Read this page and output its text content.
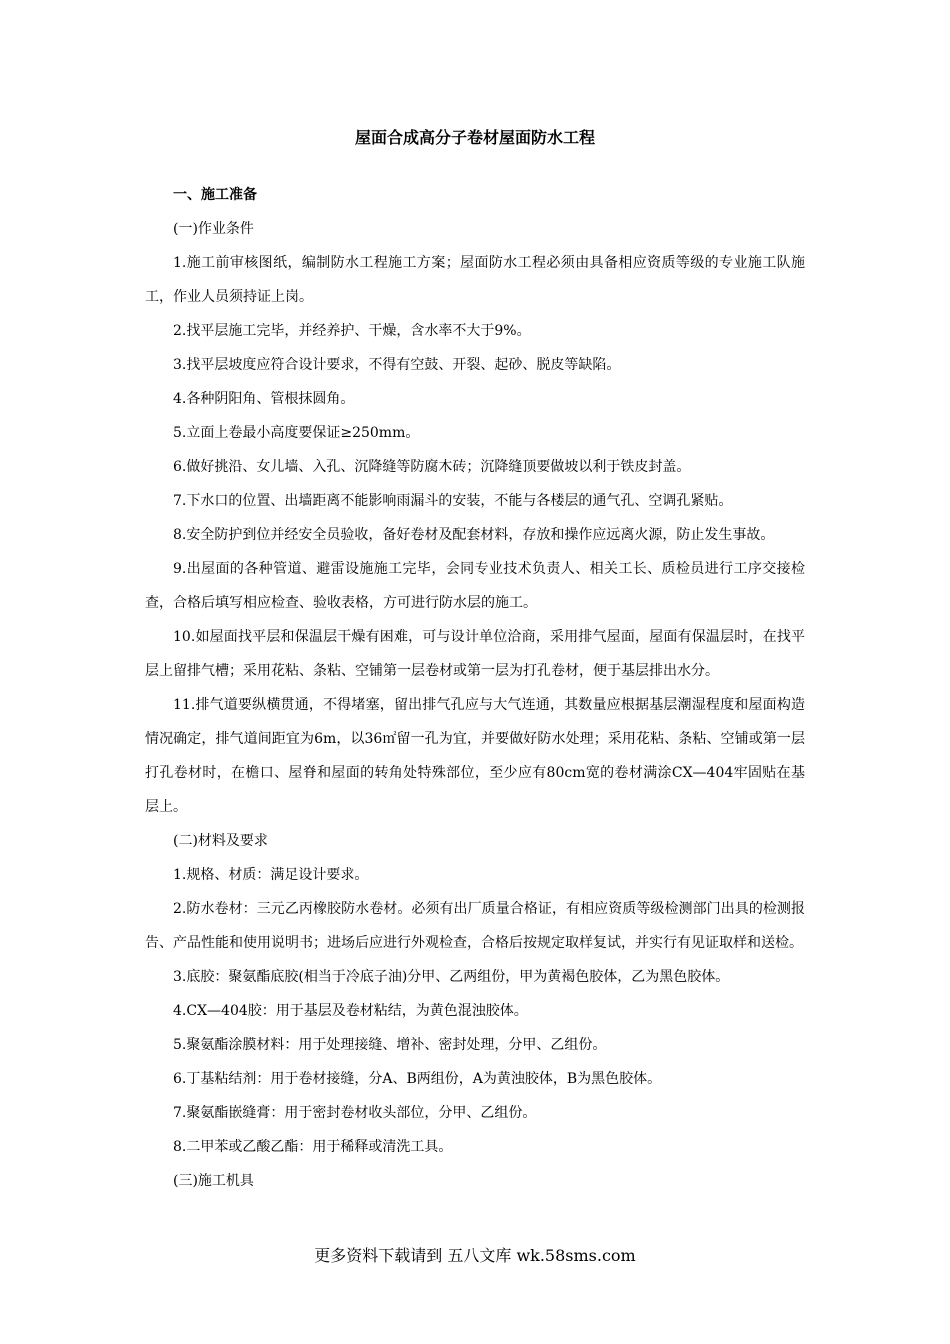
屋面合成高分子卷材屋面防水工程

一、施工准备

(一)作业条件

1.施工前审核图纸，编制防水工程施工方案；屋面防水工程必须由具备相应资质等级的专业施工队施工，作业人员须持证上岗。

2.找平层施工完毕，并经养护、干燥，含水率不大于9%。

3.找平层坡度应符合设计要求，不得有空鼓、开裂、起砂、脱皮等缺陷。

4.各种阴阳角、管根抹圆角。

5.立面上卷最小高度要保证≥250mm。

6.做好挑沿、女儿墙、入孔、沉降缝等防腐木砖；沉降缝顶要做坡以利于铁皮封盖。

7.下水口的位置、出墙距离不能影响雨漏斗的安装，不能与各楼层的通气孔、空调孔紧贴。

8.安全防护到位并经安全员验收，备好卷材及配套材料，存放和操作应远离火源，防止发生事故。

9.出屋面的各种管道、避雷设施施工完毕，会同专业技术负责人、相关工长、质检员进行工序交接检查，合格后填写相应检查、验收表格，方可进行防水层的施工。

10.如屋面找平层和保温层干燥有困难，可与设计单位洽商，采用排气屋面，屋面有保温层时，在找平层上留排气槽；采用花粘、条粘、空铺第一层卷材或第一层为打孔卷材，便于基层排出水分。

11.排气道要纵横贯通，不得堵塞，留出排气孔应与大气连通，其数量应根据基层潮湿程度和屋面构造情况确定，排气道间距宜为6m，以36㎡留一孔为宜，并要做好防水处理；采用花粘、条粘、空铺或第一层打孔卷材时，在檐口、屋脊和屋面的转角处特殊部位，至少应有80cm宽的卷材满涂CX—404牢固贴在基层上。

(二)材料及要求

1.规格、材质：满足设计要求。

2.防水卷材：三元乙丙橡胶防水卷材。必须有出厂质量合格证，有相应资质等级检测部门出具的检测报告、产品性能和使用说明书；进场后应进行外观检查，合格后按规定取样复试，并实行有见证取样和送检。

3.底胶：聚氨酯底胶(相当于冷底子油)分甲、乙两组份，甲为黄褐色胶体，乙为黑色胶体。

4.CX—404胶：用于基层及卷材粘结，为黄色混浊胶体。

5.聚氨酯涂膜材料：用于处理接缝、增补、密封处理，分甲、乙组份。

6.丁基粘结剂：用于卷材接缝，分A、B两组份，A为黄浊胶体，B为黑色胶体。

7.聚氨酯嵌缝膏：用于密封卷材收头部位，分甲、乙组份。

8.二甲苯或乙酸乙酯：用于稀释或清洗工具。

(三)施工机具

更多资料下载请到 五八文库 wk.58sms.com
